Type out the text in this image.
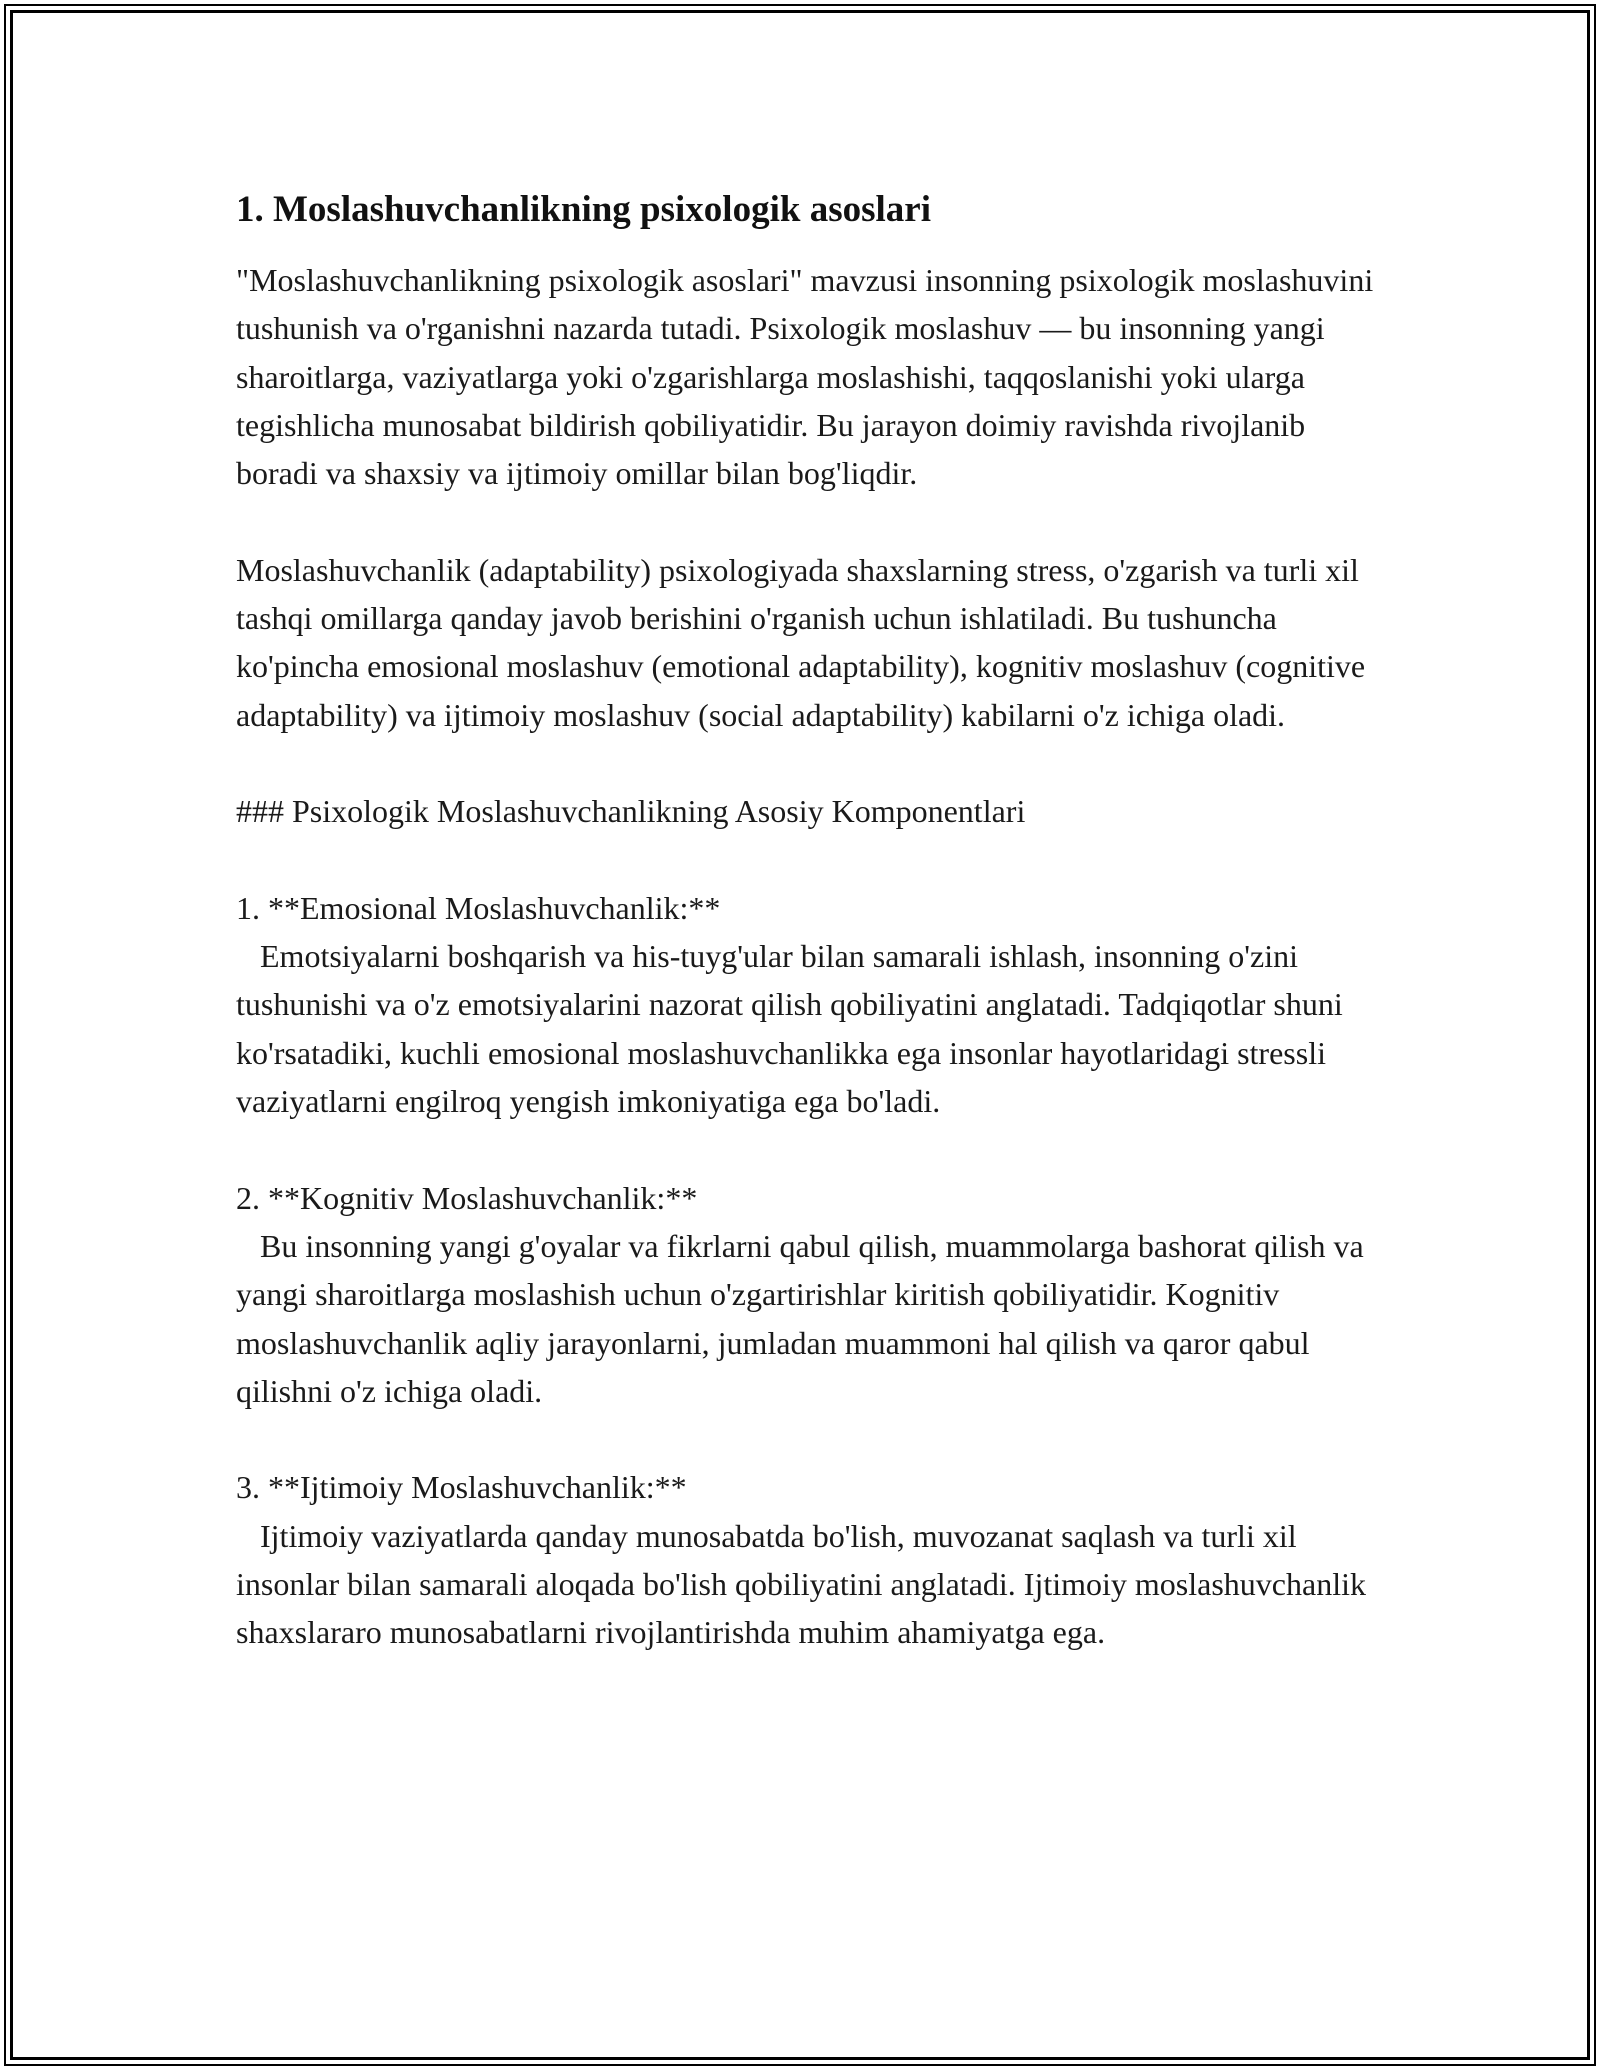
1. Moslashuvchanlikning psixologik asoslari

"Moslashuvchanlikning psixologik asoslari" mavzusi insonning psixologik moslashuvini tushunish va o'rganishni nazarda tutadi. Psixologik moslashuv — bu insonning yangi sharoitlarga, vaziyatlarga yoki o'zgarishlarga moslashishi, taqqoslanishi yoki ularga tegishlicha munosabat bildirish qobiliyatidir. Bu jarayon doimiy ravishda rivojlanib boradi va shaxsiy va ijtimoiy omillar bilan bog'liqdir.

Moslashuvchanlik (adaptability) psixologiyada shaxslarning stress, o'zgarish va turli xil tashqi omillarga qanday javob berishini o'rganish uchun ishlatiladi. Bu tushuncha ko'pincha emosional moslashuv (emotional adaptability), kognitiv moslashuv (cognitive adaptability) va ijtimoiy moslashuv (social adaptability) kabilarni o'z ichiga oladi.

### Psixologik Moslashuvchanlikning Asosiy Komponentlari

1. **Emosional Moslashuvchanlik:**
Emotsiyalarni boshqarish va his-tuyg'ular bilan samarali ishlash, insonning o'zini tushunishi va o'z emotsiyalarini nazorat qilish qobiliyatini anglatadi. Tadqiqotlar shuni ko'rsatadiki, kuchli emosional moslashuvchanlikka ega insonlar hayotlaridagi stressli vaziyatlarni engilroq yengish imkoniyatiga ega bo'ladi.

2. **Kognitiv Moslashuvchanlik:**
Bu insonning yangi g'oyalar va fikrlarni qabul qilish, muammolarga bashorat qilish va yangi sharoitlarga moslashish uchun o'zgartirishlar kiritish qobiliyatidir. Kognitiv moslashuvchanlik aqliy jarayonlarni, jumladan muammoni hal qilish va qaror qabul qilishni o'z ichiga oladi.

3. **Ijtimoiy Moslashuvchanlik:**
Ijtimoiy vaziyatlarda qanday munosabatda bo'lish, muvozanat saqlash va turli xil insonlar bilan samarali aloqada bo'lish qobiliyatini anglatadi. Ijtimoiy moslashuvchanlik shaxslararo munosabatlarni rivojlantirishda muhim ahamiyatga ega.
